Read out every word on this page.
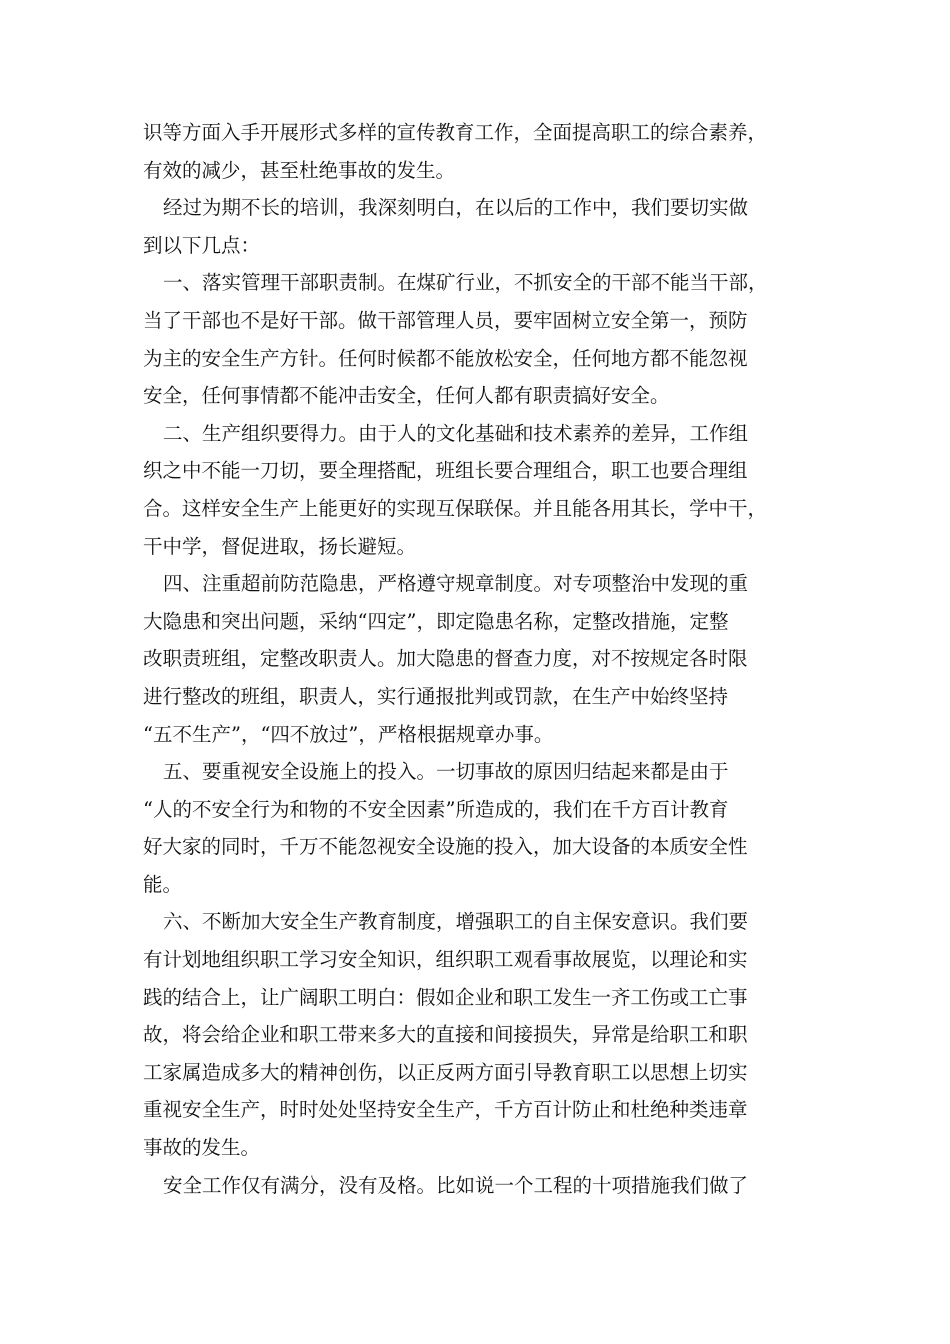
识等方面入手开展形式多样的宣传教育工作，全面提高职工的综合素养，
有效的减少，甚至杜绝事故的发生。
经过为期不长的培训，我深刻明白，在以后的工作中，我们要切实做
到以下几点：
一、落实管理干部职责制。在煤矿行业，不抓安全的干部不能当干部，
当了干部也不是好干部。做干部管理人员，要牢固树立安全第一，预防
为主的安全生产方针。任何时候都不能放松安全，任何地方都不能忽视
安全，任何事情都不能冲击安全，任何人都有职责搞好安全。
二、生产组织要得力。由于人的文化基础和技术素养的差异，工作组
织之中不能一刀切，要全理搭配，班组长要合理组合，职工也要合理组
合。这样安全生产上能更好的实现互保联保。并且能各用其长，学中干，
干中学，督促进取，扬长避短。
四、注重超前防范隐患，严格遵守规章制度。对专项整治中发现的重
大隐患和突出问题，采纳“四定”，即定隐患名称，定整改措施，定整
改职责班组，定整改职责人。加大隐患的督查力度，对不按规定各时限
进行整改的班组，职责人，实行通报批判或罚款，在生产中始终坚持
“五不生产”，“四不放过”，严格根据规章办事。
五、要重视安全设施上的投入。一切事故的原因归结起来都是由于
“人的不安全行为和物的不安全因素”所造成的，我们在千方百计教育
好大家的同时，千万不能忽视安全设施的投入，加大设备的本质安全性
能。
六、不断加大安全生产教育制度，增强职工的自主保安意识。我们要
有计划地组织职工学习安全知识，组织职工观看事故展览，以理论和实
践的结合上，让广阔职工明白：假如企业和职工发生一齐工伤或工亡事
故，将会给企业和职工带来多大的直接和间接损失，异常是给职工和职
工家属造成多大的精神创伤，以正反两方面引导教育职工以思想上切实
重视安全生产，时时处处坚持安全生产，千方百计防止和杜绝种类违章
事故的发生。
安全工作仅有满分，没有及格。比如说一个工程的十项措施我们做了
